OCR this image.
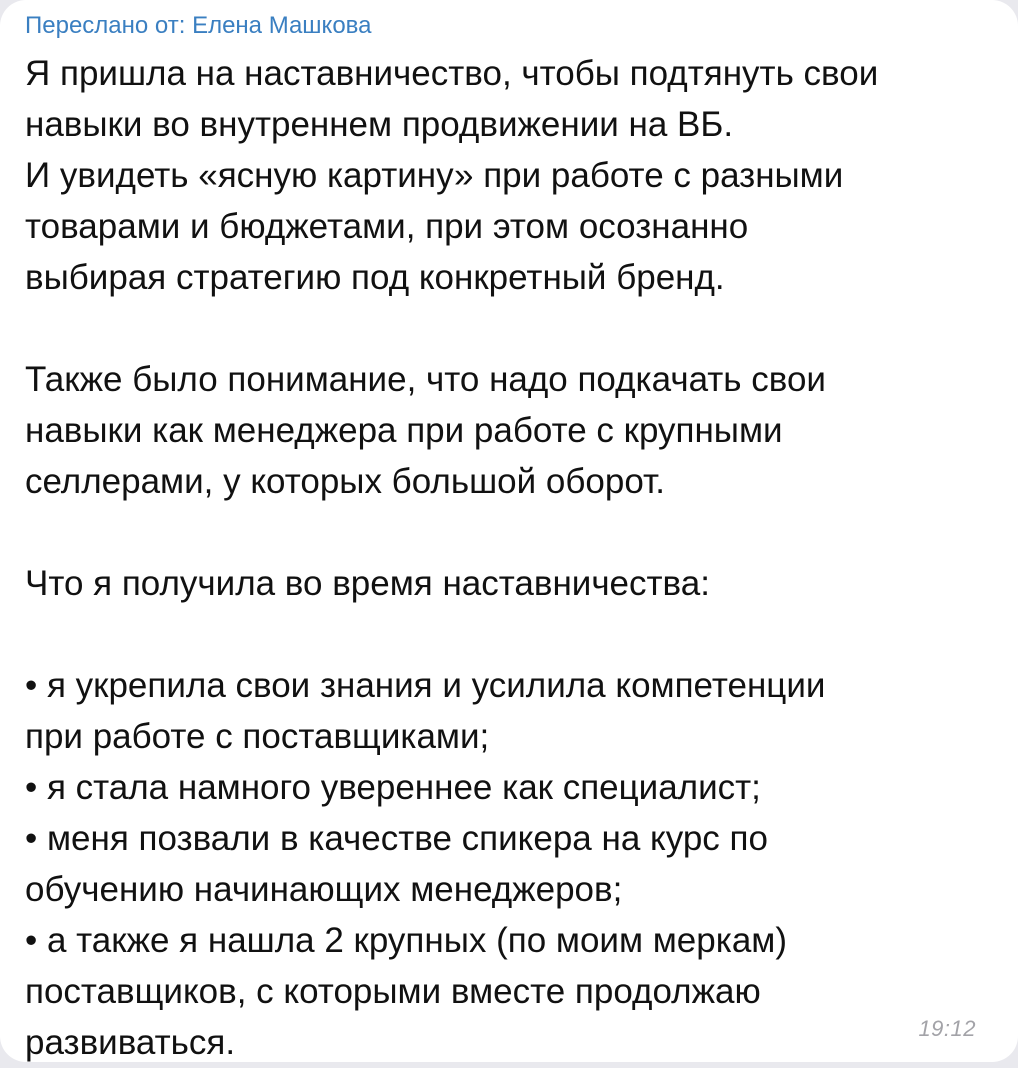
Переслано от: Елена Машкова
Я пришла на наставничество, чтобы подтянуть свои
навыки во внутреннем продвижении на ВБ.
И увидеть «ясную картину» при работе с разными
товарами и бюджетами, при этом осознанно
выбирая стратегию под конкретный бренд.
Также было понимание, что надо подкачать свои
навыки как менеджера при работе с крупными
селлерами, у которых большой оборот.
Что я получила во время наставничества:
• я укрепила свои знания и усилила компетенции
при работе с поставщиками;
• я стала намного увереннее как специалист;
• меня позвали в качестве спикера на курс по
обучению начинающих менеджеров;
• а также я нашла 2 крупных (по моим меркам)
поставщиков, с которыми вместе продолжаю
развиваться.	19:12
